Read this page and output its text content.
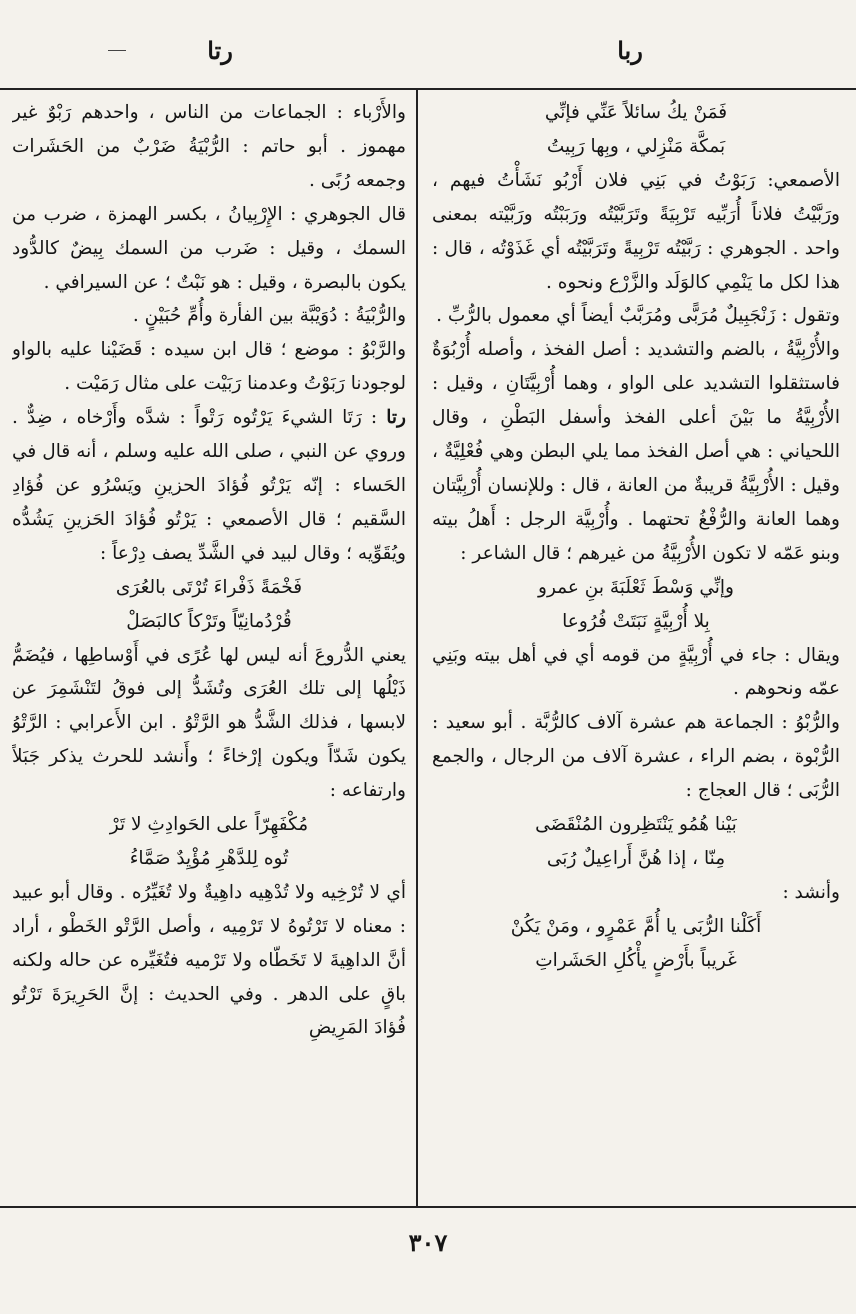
ربا
رتا

فَمَنْ يكُ سائلاً عَنِّي فإنِّي

بَمكَّة مَنْزِلي ، وبِها رَبِيتُ

الأصمعي: رَبَوْتُ في بَنِي فلان أَرْبُو نَشَأْتُ فيهم ، ورَبَّيْتُ فلاناً أُرَبِّيه تَرْبِيَةً وتَرَبَّيْتُه ورَبَبْتُه ورَبَّيْته بمعنى واحد . الجوهري : رَبَّيْتُه تَرْبِيةً وتَرَبَّيْتُه أي غَذَوْتُه ، قال : هذا لكل ما يَنْمِي كالوَلَد والزَّرْع ونحوه .

وتقول : زَنْجَبِيلٌ مُرَبًّى ومُرَبَّبٌ أيضاً أي معمول بالرُّبِّ .

والأُرْبِيَّةُ ، بالضم والتشديد : أصل الفخذ ، وأصله أُرْبُوَةٌ فاستثقلوا التشديد على الواو ، وهما أُرْبِيَّتَانِ ، وقيل : الأُرْبِيَّةُ ما بَيْنَ أعلى الفخذ وأسفل البَطْنِ ، وقال اللحياني : هي أصل الفخذ مما يلي البطن وهي فُعْلِيَّةٌ ، وقيل : الأُرْبِيَّةُ قريبةٌ من العانة ، قال : وللإنسان أُرْبِيَّتان وهما العانة والرُّفْغُ تحتهما . وأُرْبِيَّة الرجل : أَهلُ بيته وبنو عَمّه لا تكون الأُرْبِيَّةُ من غيرهم ؛ قال الشاعر :

وإنِّي وَسْطَ ثَعْلَبَةَ بنِ عمرو

بِلا أُرْبِيَّةٍ نَبَتَتْ فُرُوعا

ويقال : جاء في أُرْبِيَّةٍ من قومه أي في أهل بيته وبَنِي عمّه ونحوهم .

والرُّبْوُ : الجماعة هم عشرة آلاف كالرُّبَّة . أبو سعيد : الرُّبْوة ، بضم الراء ، عشرة آلاف من الرجال ، والجمع الرُّبَى ؛ قال العجاج :

بَيْنا هُمُو يَنْتَظِرون المُنْقَضَى

مِنّا ، إذا هُنَّ أَراعِيلٌ رُبَى

وأنشد :

أَكَلْنا الرُّبَى يا أُمَّ عَمْرٍو ، ومَنْ يَكُنْ

غَريباً بأَرْضٍ يأْكُلِ الحَشَراتِ

والأَرْباء : الجماعات من الناس ، واحدهم رَبْوٌ غير مهموز . أبو حاتم : الرُّبْيَةُ ضَرْبٌ من الحَشَرات وجمعه رُبًى .

قال الجوهري : الإِرْبِيانُ ، بكسر الهمزة ، ضرب من السمك ، وقيل : ضَرب من السمك بِيضٌ كالدُّود يكون بالبصرة ، وقيل : هو نَبْتٌ ؛ عن السيرافي .

والرُّبْيَةُ : دُوَيْبَّة بين الفأرة وأُمِّ حُبَيْنٍ .

والرَّبْوُ : موضع ؛ قال ابن سيده : قَضَيْنا عليه بالواو لوجودنا رَبَوْتُ وعدمنا رَبَيْت على مثال رَمَيْت .

رتا : رَتَا الشيءَ يَرْتُوه رَتْواً : شدَّه وأَرْخاه ، ضِدٌّ . وروي عن النبي ، صلى الله عليه وسلم ، أنه قال في الحَساء : إنّه يَرْتُو فُؤادَ الحزينِ ويَسْرُو عن فُؤادِ السَّقيم ؛ قال الأصمعي : يَرْتُو فُؤادَ الحَزينِ يَشُدُّه ويُقَوِّيه ؛ وقال لبيد في الشَّدِّ يصف دِرْعاً :

فَخْمَةً ذَفْراءَ تُرْتَى بالعُرَى

قُرْدُمانِيّاً وتَرْكاً كالبَصَلْ

يعني الدُّروعَ أنه ليس لها عُرًى في أَوْساطِها ، فيُضَمُّ ذَيْلُها إلى تلك العُرَى وتُشَدُّ إلى فوقُ لتَنْشَمِرَ عن لابسها ، فذلك الشَّدُّ هو الرَّتْوُ . ابن الأَعرابي : الرَّتْوُ يكون شَدّاً ويكون إرْخاءً ؛ وأَنشد للحرث يذكر جَبَلاً وارتفاعه :

مُكْفَهِرّاً على الحَوادِثِ لا تَرْ

تُوه لِلدَّهْرِ مُؤْيِدٌ صَمَّاءُ

أي لا تُرْخِيه ولا تُدْهِيه داهِيةٌ ولا تُغَيِّرُه . وقال أبو عبيد : معناه لا تَرْتُوهُ لا تَرْمِيه ، وأصل الرَّتْو الخَطْو ، أراد أنَّ الداهِيةَ لا تَخَطّاه ولا تَرْميه فتُغَيِّره عن حاله ولكنه باقٍ على الدهر . وفي الحديث : إنَّ الحَرِيرَةَ تَرْتُو فُؤادَ المَرِيضِ

٣٠٧
